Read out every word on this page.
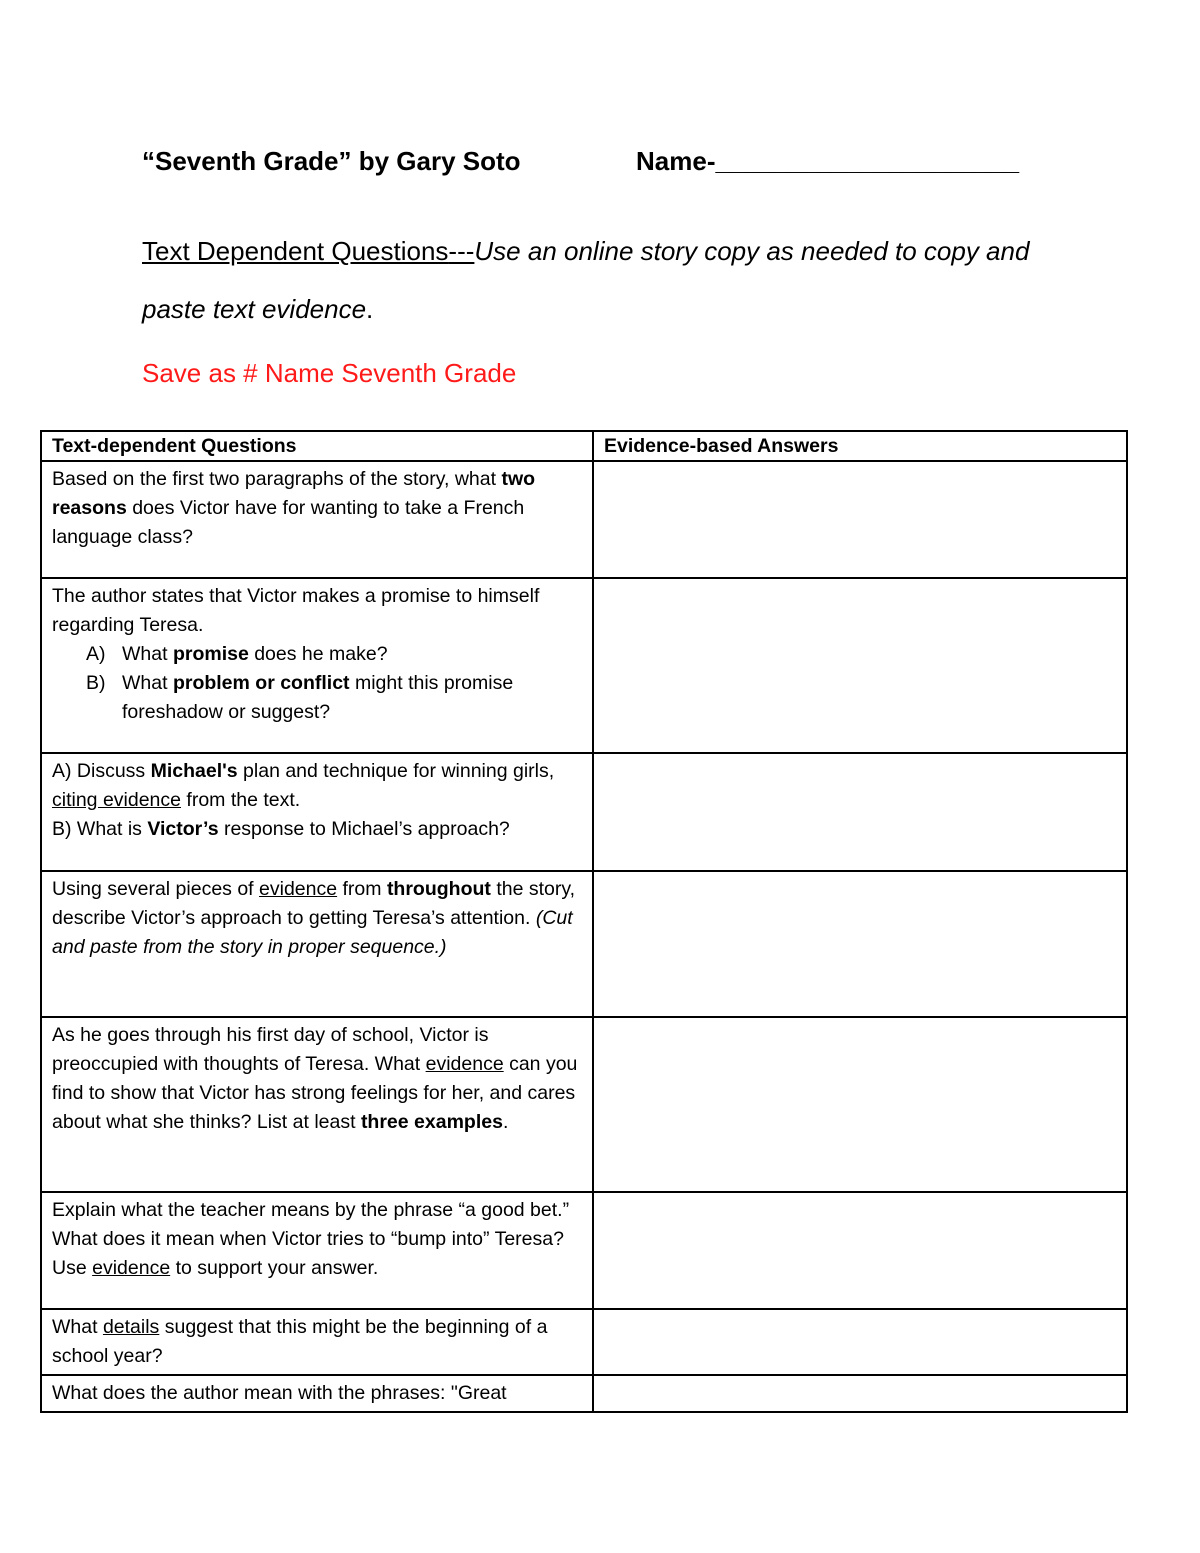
“Seventh Grade” by Gary Soto	Name-_____________________
Text Dependent Questions---Use an online story copy as needed to copy and paste text evidence.
Save as # Name Seventh Grade
Text-dependent Questions	Evidence-based Answers
Based on the first two paragraphs of the story, what two reasons does Victor have for wanting to take a French language class?	

The author states that Victor makes a promise to himself regarding Teresa.
A) What promise does he make?
B) What problem or conflict might this promise foreshadow or suggest?	

A) Discuss Michael's plan and technique for winning girls, citing evidence from the text.
B) What is Victor’s response to Michael’s approach?	

Using several pieces of evidence from throughout the story, describe Victor’s approach to getting Teresa’s attention. (Cut and paste from the story in proper sequence.)	
As he goes through his first day of school, Victor is preoccupied with thoughts of Teresa. What evidence can you find to show that Victor has strong feelings for her, and cares about what she thinks? List at least three examples.	
Explain what the teacher means by the phrase “a good bet.” What does it mean when Victor tries to “bump into” Teresa? Use evidence to support your answer.	
What details suggest that this might be the beginning of a school year?	
What does the author mean with the phrases: "Great	
